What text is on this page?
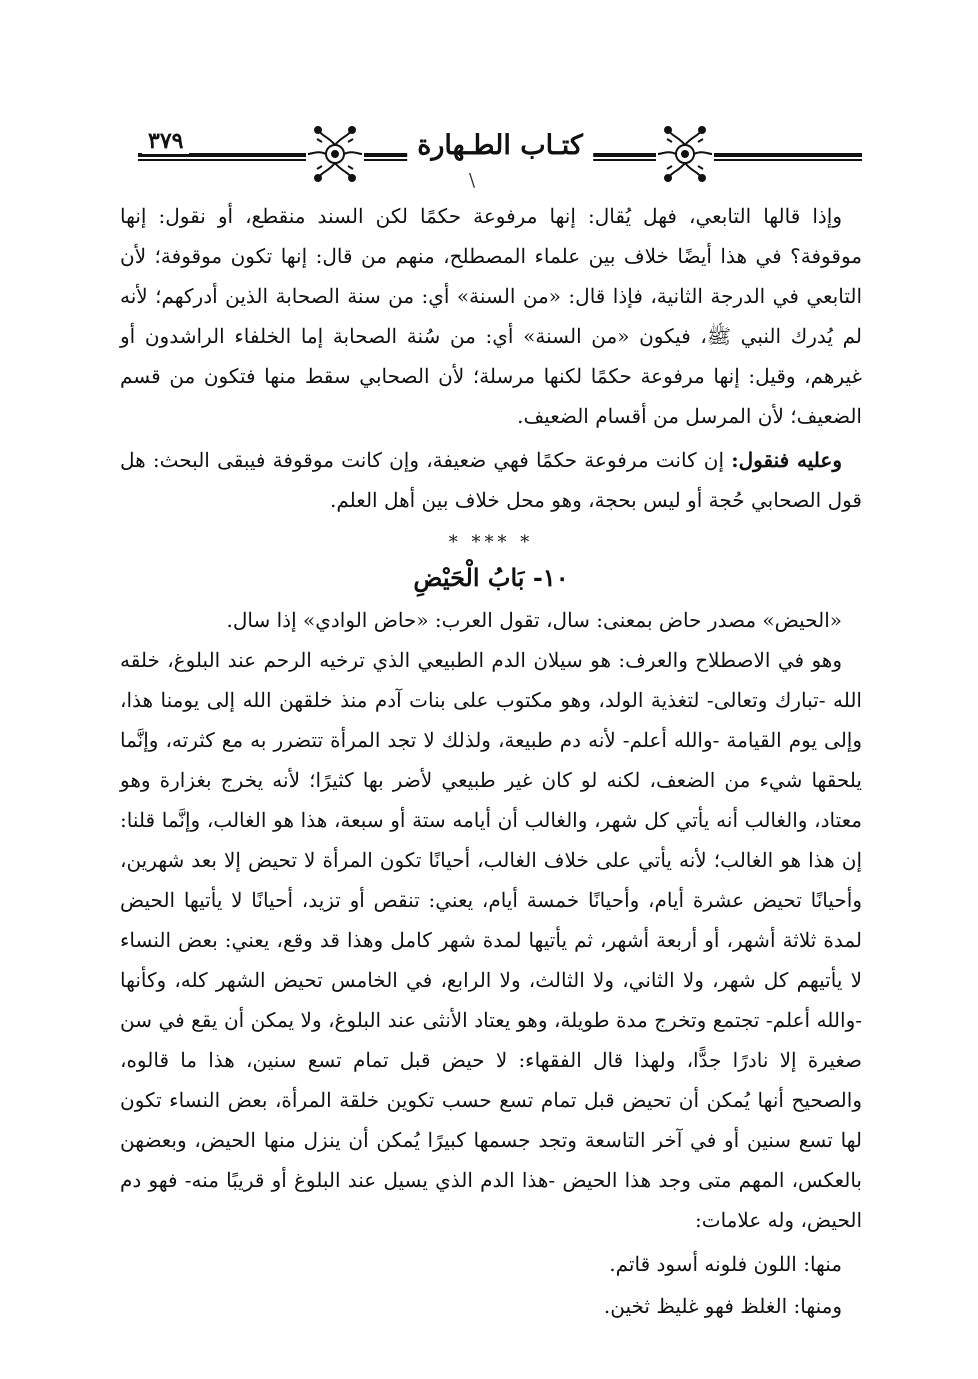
٣٧٩	كتـاب الطـهارة
\

وإذا قالها التابعي، فهل يُقال: إنها مرفوعة حكمًا لكن السند منقطع، أو نقول: إنها موقوفة؟ في هذا أيضًا خلاف بين علماء المصطلح، منهم من قال: إنها تكون موقوفة؛ لأن التابعي في الدرجة الثانية، فإذا قال: «من السنة» أي: من سنة الصحابة الذين أدركهم؛ لأنه لم يُدرك النبي ﷺ، فيكون «من السنة» أي: من سُنة الصحابة إما الخلفاء الراشدون أو غيرهم، وقيل: إنها مرفوعة حكمًا لكنها مرسلة؛ لأن الصحابي سقط منها فتكون من قسم الضعيف؛ لأن المرسل من أقسام الضعيف.

وعليه فنقول: إن كانت مرفوعة حكمًا فهي ضعيفة، وإن كانت موقوفة فيبقى البحث: هل قول الصحابي حُجة أو ليس بحجة، وهو محل خلاف بين أهل العلم.

* *** *
١٠- بَابُ الْحَيْضِ

«الحيض» مصدر حاض بمعنى: سال، تقول العرب: «حاض الوادي» إذا سال.

وهو في الاصطلاح والعرف: هو سيلان الدم الطبيعي الذي ترخيه الرحم عند البلوغ، خلقه الله -تبارك وتعالى- لتغذية الولد، وهو مكتوب على بنات آدم منذ خلقهن الله إلى يومنا هذا، وإلى يوم القيامة -والله أعلم- لأنه دم طبيعة، ولذلك لا تجد المرأة تتضرر به مع كثرته، وإنَّما يلحقها شيء من الضعف، لكنه لو كان غير طبيعي لأضر بها كثيرًا؛ لأنه يخرج بغزارة وهو معتاد، والغالب أنه يأتي كل شهر، والغالب أن أيامه ستة أو سبعة، هذا هو الغالب، وإنَّما قلنا: إن هذا هو الغالب؛ لأنه يأتي على خلاف الغالب، أحيانًا تكون المرأة لا تحيض إلا بعد شهرين، وأحيانًا تحيض عشرة أيام، وأحيانًا خمسة أيام، يعني: تنقص أو تزيد، أحيانًا لا يأتيها الحيض لمدة ثلاثة أشهر، أو أربعة أشهر، ثم يأتيها لمدة شهر كامل وهذا قد وقع، يعني: بعض النساء لا يأتيهم كل شهر، ولا الثاني، ولا الثالث، ولا الرابع، في الخامس تحيض الشهر كله، وكأنها -والله أعلم- تجتمع وتخرج مدة طويلة، وهو يعتاد الأنثى عند البلوغ، ولا يمكن أن يقع في سن صغيرة إلا نادرًا جدًّا، ولهذا قال الفقهاء: لا حيض قبل تمام تسع سنين، هذا ما قالوه، والصحيح أنها يُمكن أن تحيض قبل تمام تسع حسب تكوين خلقة المرأة، بعض النساء تكون لها تسع سنين أو في آخر التاسعة وتجد جسمها كبيرًا يُمكن أن ينزل منها الحيض، وبعضهن بالعكس، المهم متى وجد هذا الحيض -هذا الدم الذي يسيل عند البلوغ أو قريبًا منه- فهو دم الحيض، وله علامات:

منها: اللون فلونه أسود قاتم.

ومنها: الغلظ فهو غليظ ثخين.
